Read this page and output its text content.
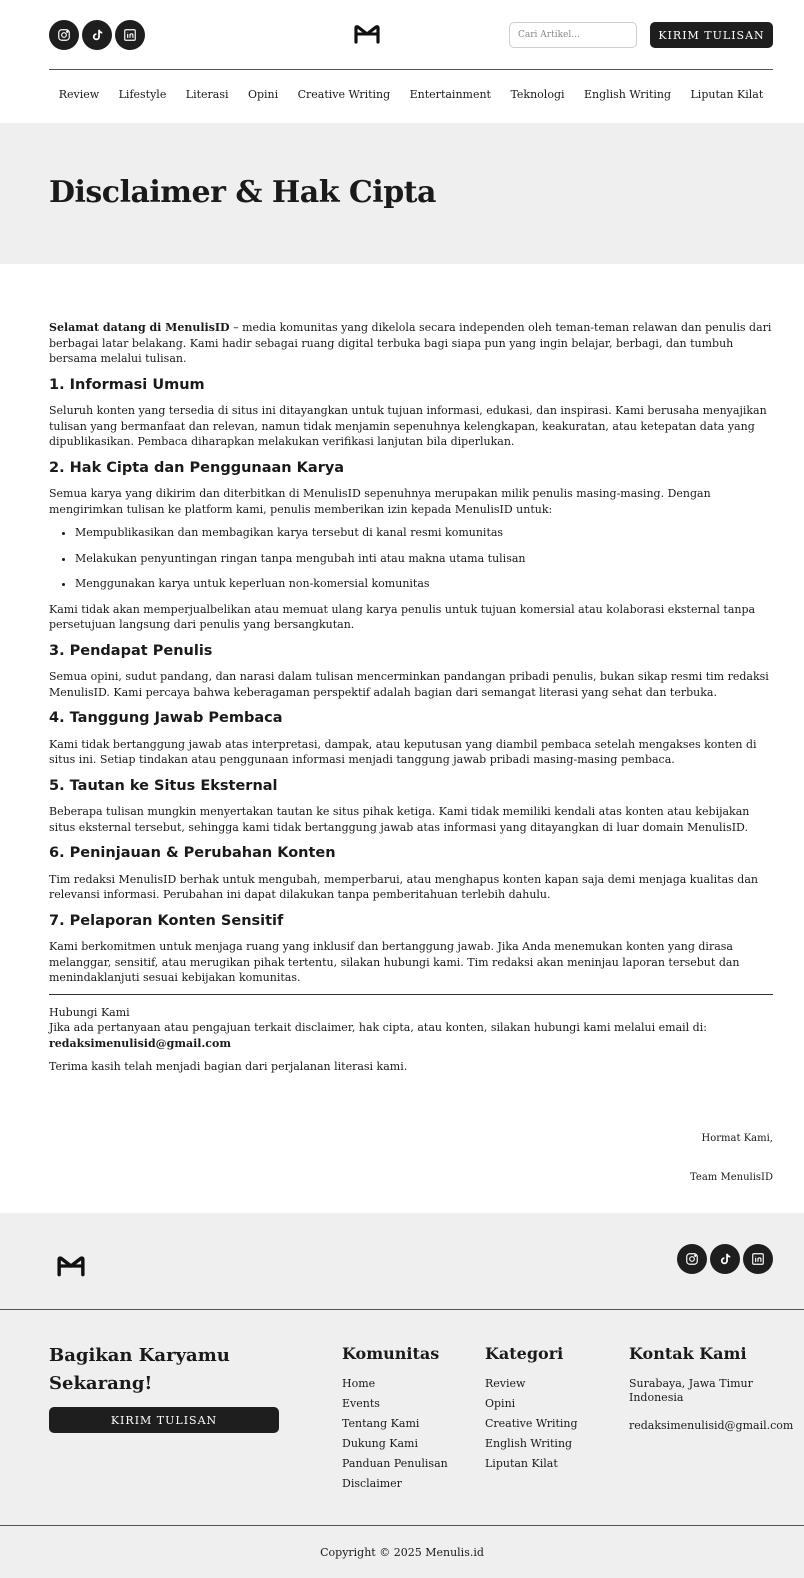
Cari Artikel...
KIRIM TULISAN
Review Lifestyle Literasi Opini Creative Writing Entertainment Teknologi English Writing Liputan Kilat
Disclaimer & Hak Cipta

Selamat datang di MenulisID – media komunitas yang dikelola secara independen oleh teman-teman relawan dan penulis dari berbagai latar belakang. Kami hadir sebagai ruang digital terbuka bagi siapa pun yang ingin belajar, berbagi, dan tumbuh bersama melalui tulisan.

1. Informasi Umum

Seluruh konten yang tersedia di situs ini ditayangkan untuk tujuan informasi, edukasi, dan inspirasi. Kami berusaha menyajikan tulisan yang bermanfaat dan relevan, namun tidak menjamin sepenuhnya kelengkapan, keakuratan, atau ketepatan data yang dipublikasikan. Pembaca diharapkan melakukan verifikasi lanjutan bila diperlukan.

2. Hak Cipta dan Penggunaan Karya

Semua karya yang dikirim dan diterbitkan di MenulisID sepenuhnya merupakan milik penulis masing-masing. Dengan mengirimkan tulisan ke platform kami, penulis memberikan izin kepada MenulisID untuk:

• Mempublikasikan dan membagikan karya tersebut di kanal resmi komunitas
• Melakukan penyuntingan ringan tanpa mengubah inti atau makna utama tulisan
• Menggunakan karya untuk keperluan non-komersial komunitas

Kami tidak akan memperjualbelikan atau memuat ulang karya penulis untuk tujuan komersial atau kolaborasi eksternal tanpa persetujuan langsung dari penulis yang bersangkutan.

3. Pendapat Penulis

Semua opini, sudut pandang, dan narasi dalam tulisan mencerminkan pandangan pribadi penulis, bukan sikap resmi tim redaksi MenulisID. Kami percaya bahwa keberagaman perspektif adalah bagian dari semangat literasi yang sehat dan terbuka.

4. Tanggung Jawab Pembaca

Kami tidak bertanggung jawab atas interpretasi, dampak, atau keputusan yang diambil pembaca setelah mengakses konten di situs ini. Setiap tindakan atau penggunaan informasi menjadi tanggung jawab pribadi masing-masing pembaca.

5. Tautan ke Situs Eksternal

Beberapa tulisan mungkin menyertakan tautan ke situs pihak ketiga. Kami tidak memiliki kendali atas konten atau kebijakan situs eksternal tersebut, sehingga kami tidak bertanggung jawab atas informasi yang ditayangkan di luar domain MenulisID.

6. Peninjauan & Perubahan Konten

Tim redaksi MenulisID berhak untuk mengubah, memperbarui, atau menghapus konten kapan saja demi menjaga kualitas dan relevansi informasi. Perubahan ini dapat dilakukan tanpa pemberitahuan terlebih dahulu.

7. Pelaporan Konten Sensitif

Kami berkomitmen untuk menjaga ruang yang inklusif dan bertanggung jawab. Jika Anda menemukan konten yang dirasa melanggar, sensitif, atau merugikan pihak tertentu, silakan hubungi kami. Tim redaksi akan meninjau laporan tersebut dan menindaklanjuti sesuai kebijakan komunitas.

Hubungi Kami

Jika ada pertanyaan atau pengajuan terkait disclaimer, hak cipta, atau konten, silakan hubungi kami melalui email di: redaksimenulisid@gmail.com

Terima kasih telah menjadi bagian dari perjalanan literasi kami.

Hormat Kami,
Team MenulisID
Bagikan Karyamu Sekarang!
KIRIM TULISAN
Komunitas
Home
Events
Tentang Kami
Dukung Kami
Panduan Penulisan
Disclaimer
Kategori
Review
Opini
Creative Writing
English Writing
Liputan Kilat
Kontak Kami
Surabaya, Jawa Timur Indonesia
redaksimenulisid@gmail.com
Copyright © 2025 Menulis.id
